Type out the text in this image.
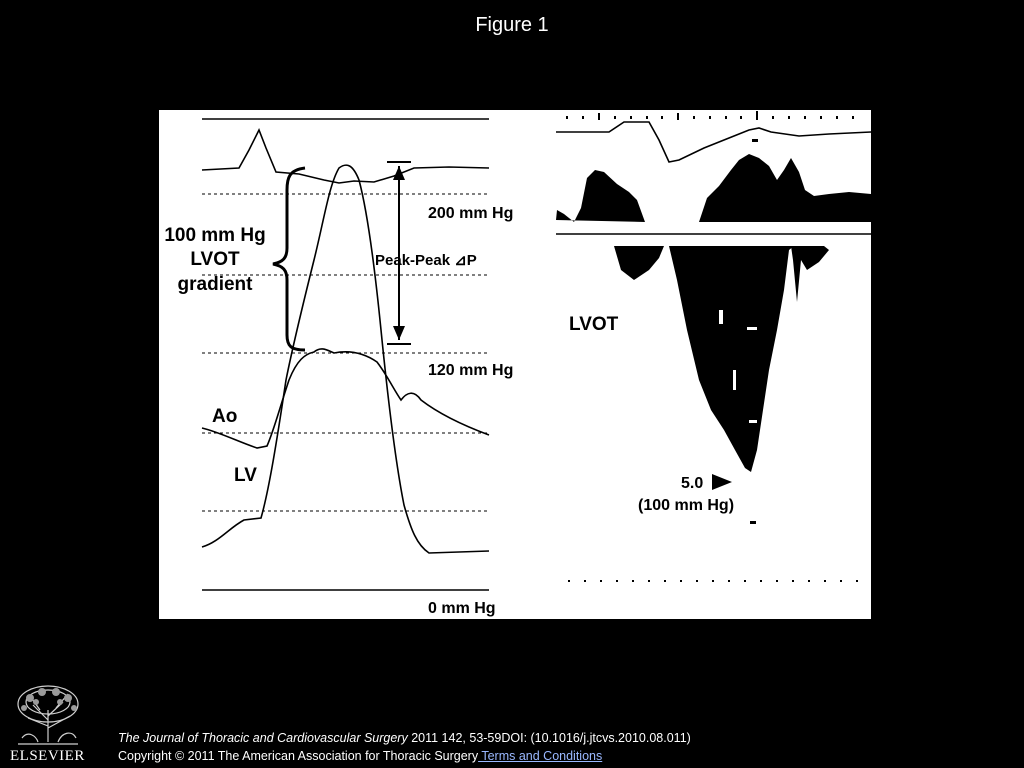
Figure 1
200 mm Hg
Peak-Peak ⊿P
120 mm Hg
0 mm Hg
100 mm Hg
LVOT
gradient
Ao
LV
LVOT
5.0
(100 mm Hg)
ELSEVIER
The Journal of Thoracic and Cardiovascular Surgery 2011 142, 53-59DOI: (10.1016/j.jtcvs.2010.08.011)
Copyright © 2011 The American Association for Thoracic Surgery Terms and Conditions
